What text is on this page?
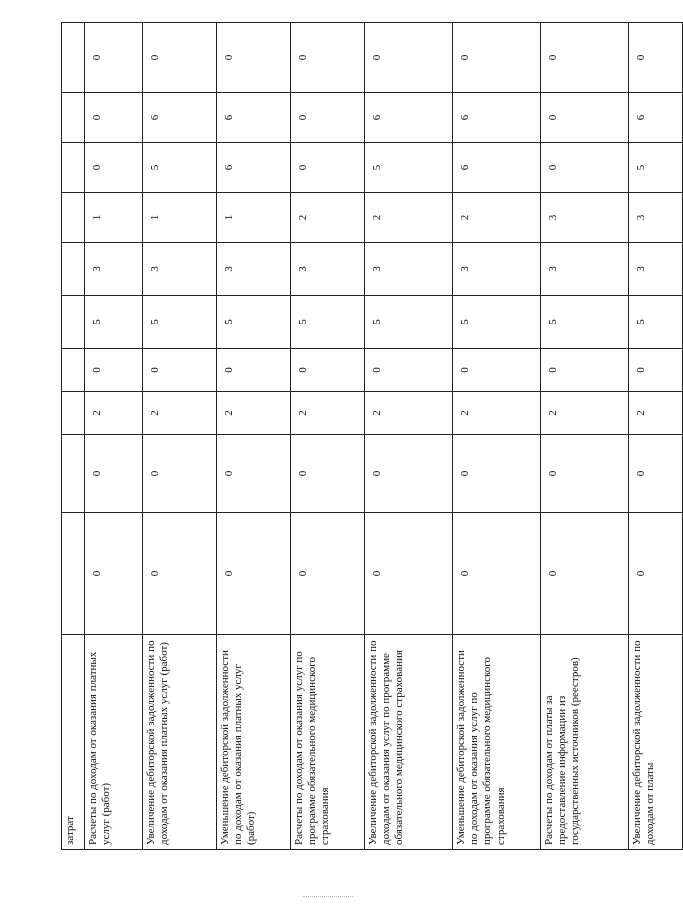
затрат										
Расчеты по доходам от оказания платных услуг (работ)	0	0	2	0	5	3	1	0	0	0
Увеличение дебиторской задолженности по доходам от оказания платных услуг (работ)	0	0	2	0	5	3	1	5	6	0
Уменьшение дебиторской задолженности по доходам от оказания платных услуг (работ)	0	0	2	0	5	3	1	6	6	0
Расчеты по доходам от оказания услуг по программе обязательного медицинского страхования	0	0	2	0	5	3	2	0	0	0
Увеличение дебиторской задолженности по доходам от оказания услуг по программе обязательного медицинского страхования	0	0	2	0	5	3	2	5	6	0
Уменьшение дебиторской задолженности по доходам от оказания услуг по программе обязательного медицинского страхования	0	0	2	0	5	3	2	6	6	0
Расчеты по доходам от платы за предоставление информации из государственных источников (реестров)	0	0	2	0	5	3	3	0	0	0
Увеличение дебиторской задолженности по доходам от платы	0	0	2	0	5	3	3	5	6	0
